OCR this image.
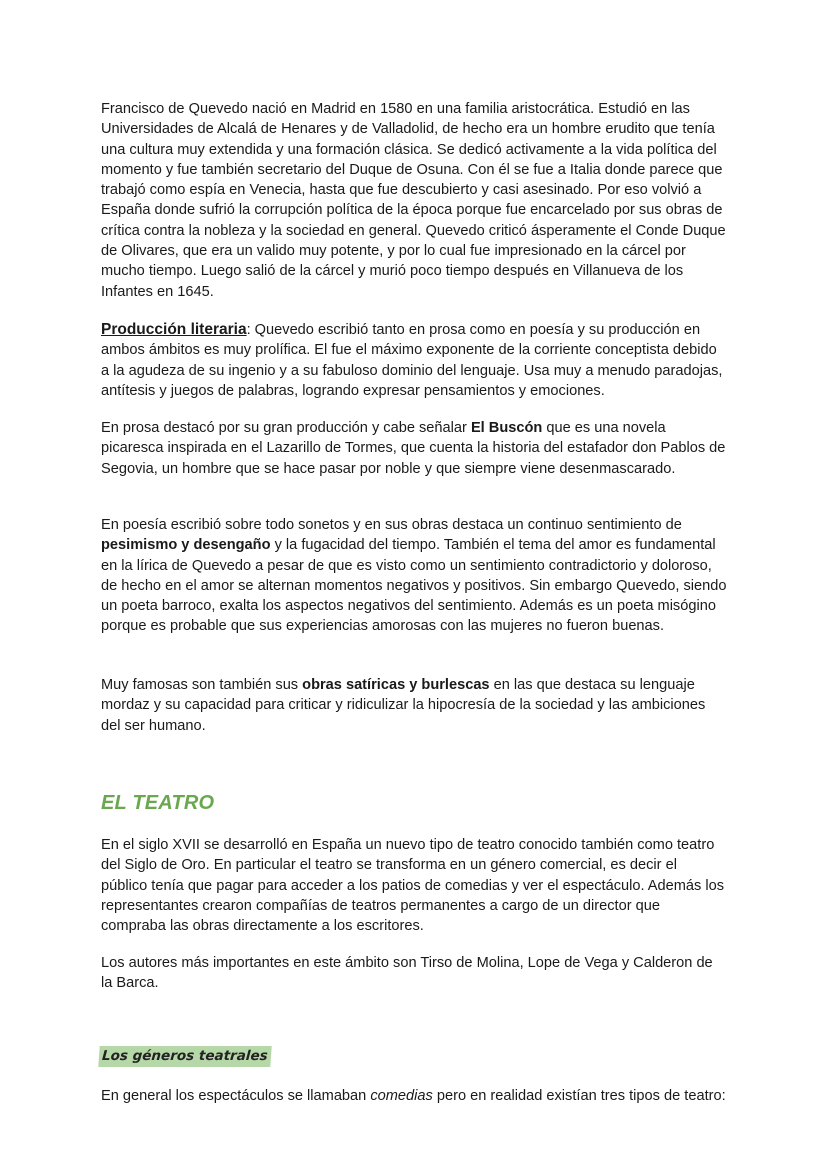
Francisco de Quevedo nació en Madrid en 1580 en una familia aristocrática. Estudió en las Universidades de Alcalá de Henares y de Valladolid, de hecho era un hombre erudito que tenía una cultura muy extendida y una formación clásica. Se dedicó activamente a la vida política del momento y fue también secretario del Duque de Osuna. Con él se fue a Italia donde parece que trabajó como espía en Venecia, hasta que fue descubierto y casi asesinado. Por eso volvió a España donde sufrió la corrupción política de la época porque fue encarcelado por sus obras de crítica contra la nobleza y la sociedad en general. Quevedo criticó ásperamente el Conde Duque de Olivares, que era un valido muy potente, y por lo cual fue impresionado en la cárcel por mucho tiempo. Luego salió de la cárcel y murió poco tiempo después en Villanueva de los Infantes en 1645.

Producción literaria: Quevedo escribió tanto en prosa como en poesía y su producción en ambos ámbitos es muy prolífica. El fue el máximo exponente de la corriente conceptista debido a la agudeza de su ingenio y a su fabuloso dominio del lenguaje. Usa muy a menudo paradojas, antítesis y juegos de palabras, logrando expresar pensamientos y emociones.

En prosa destacó por su gran producción y cabe señalar El Buscón que es una novela picaresca inspirada en el Lazarillo de Tormes, que cuenta la historia del estafador don Pablos de Segovia, un hombre que se hace pasar por noble y que siempre viene desenmascarado.

En poesía escribió sobre todo sonetos y en sus obras destaca un continuo sentimiento de pesimismo y desengaño y la fugacidad del tiempo. También el tema del amor es fundamental en la lírica de Quevedo a pesar de que es visto como un sentimiento contradictorio y doloroso, de hecho en el amor se alternan momentos negativos y positivos. Sin embargo Quevedo, siendo un poeta barroco, exalta los aspectos negativos del sentimiento. Además es un poeta misógino porque es probable que sus experiencias amorosas con las mujeres no fueron buenas.

Muy famosas son también sus obras satíricas y burlescas en las que destaca su lenguaje mordaz y su capacidad para criticar y ridiculizar la hipocresía de la sociedad y las ambiciones del ser humano.

EL TEATRO

En el siglo XVII se desarrolló en España un nuevo tipo de teatro conocido también como teatro del Siglo de Oro. En particular el teatro se transforma en un género comercial, es decir el público tenía que pagar para acceder a los patios de comedias y ver el espectáculo. Además los representantes crearon compañías de teatros permanentes a cargo de un director que compraba las obras directamente a los escritores.

Los autores más importantes en este ámbito son Tirso de Molina, Lope de Vega y Calderon de la Barca.

Los géneros teatrales

En general los espectáculos se llamaban comedias pero en realidad existían tres tipos de teatro:
